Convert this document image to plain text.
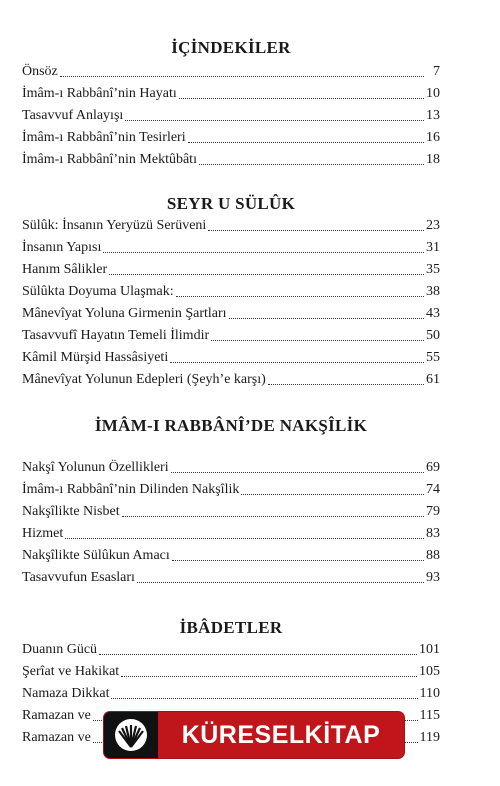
İÇİNDEKİLER
Önsöz	7
İmâm-ı Rabbânî’nin Hayatı	10
Tasavvuf Anlayışı	13
İmâm-ı Rabbânî’nin Tesirleri	16
İmâm-ı Rabbânî’nin Mektûbâtı	18
SEYR U SÜLÛK
Sülûk: İnsanın Yeryüzü Serüveni	23
İnsanın Yapısı	31
Hanım Sâlikler	35
Sülûkta Doyuma Ulaşmak:	38
Mânevîyat Yoluna Girmenin Şartları	43
Tasavvufî Hayatın Temeli İlimdir	50
Kâmil Mürşid Hassâsiyeti	55
Mânevîyat Yolunun Edepleri (Şeyh’e karşı)	61
İMÂM-I RABBÂNÎ’DE NAKŞÎLİK
Nakşî Yolunun Özellikleri	69
İmâm-ı Rabbânî’nin Dilinden Nakşîlik	74
Nakşîlikte Nisbet	79
Hizmet	83
Nakşîlikte Sülûkun Amacı	88
Tasavvufun Esasları	93
İBÂDETLER
Duanın Gücü	101
Şerîat ve Hakikat	105
Namaza Dikkat	110
Ramazan ve	115
Ramazan ve	119
KÜRESELKİTAP
